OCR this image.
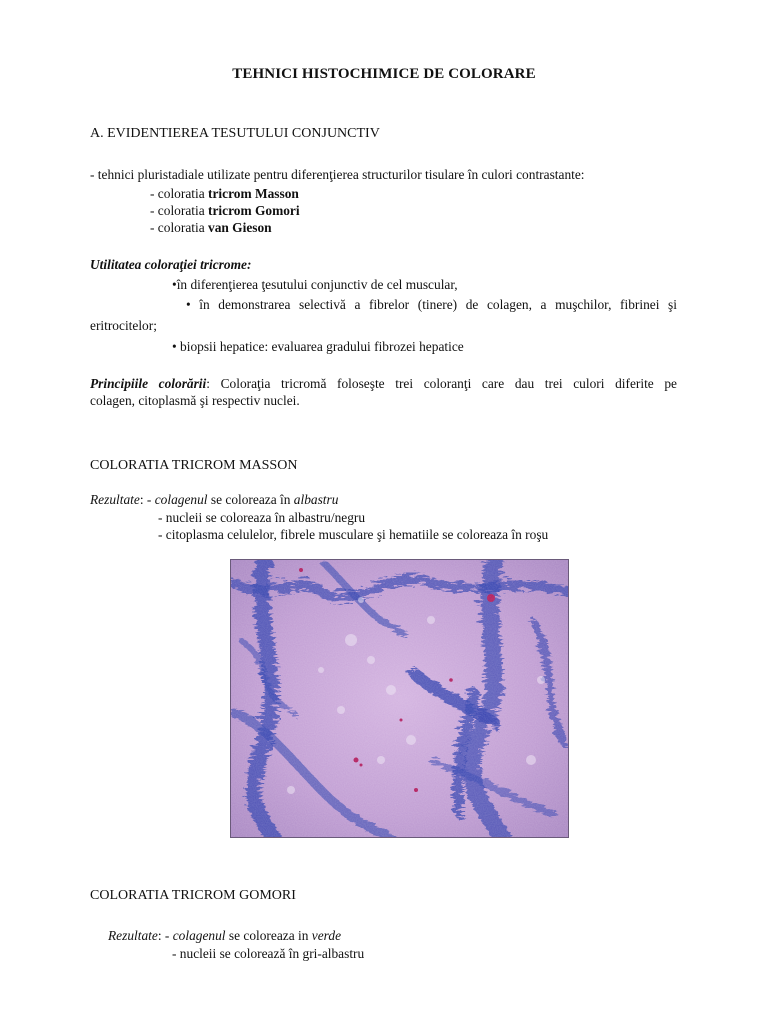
TEHNICI HISTOCHIMICE DE COLORARE
A. EVIDENTIEREA TESUTULUI CONJUNCTIV
- tehnici pluristadiale utilizate pentru diferenţierea structurilor tisulare în culori contrastante:
- coloratia tricrom Masson
- coloratia tricrom Gomori
- coloratia van Gieson
Utilitatea coloraţiei tricrome:
•în diferenţierea ţesutului conjunctiv de cel muscular,
• în demonstrarea selectivă a fibrelor (tinere) de colagen, a muşchilor, fibrinei şi
eritrocitelor;
• biopsii hepatice: evaluarea gradului fibrozei hepatice
Principiile colorării: Coloraţia tricromă foloseşte trei coloranţi care dau trei culori diferite pe
colagen, citoplasmă şi respectiv nuclei.
COLORATIA TRICROM MASSON
Rezultate: - colagenul se coloreaza în albastru
- nucleii se coloreaza în albastru/negru
- citoplasma celulelor, fibrele musculare şi hematiile se coloreaza în roşu
COLORATIA TRICROM GOMORI
Rezultate: - colagenul se coloreaza in verde
- nucleii se colorează în gri-albastru
